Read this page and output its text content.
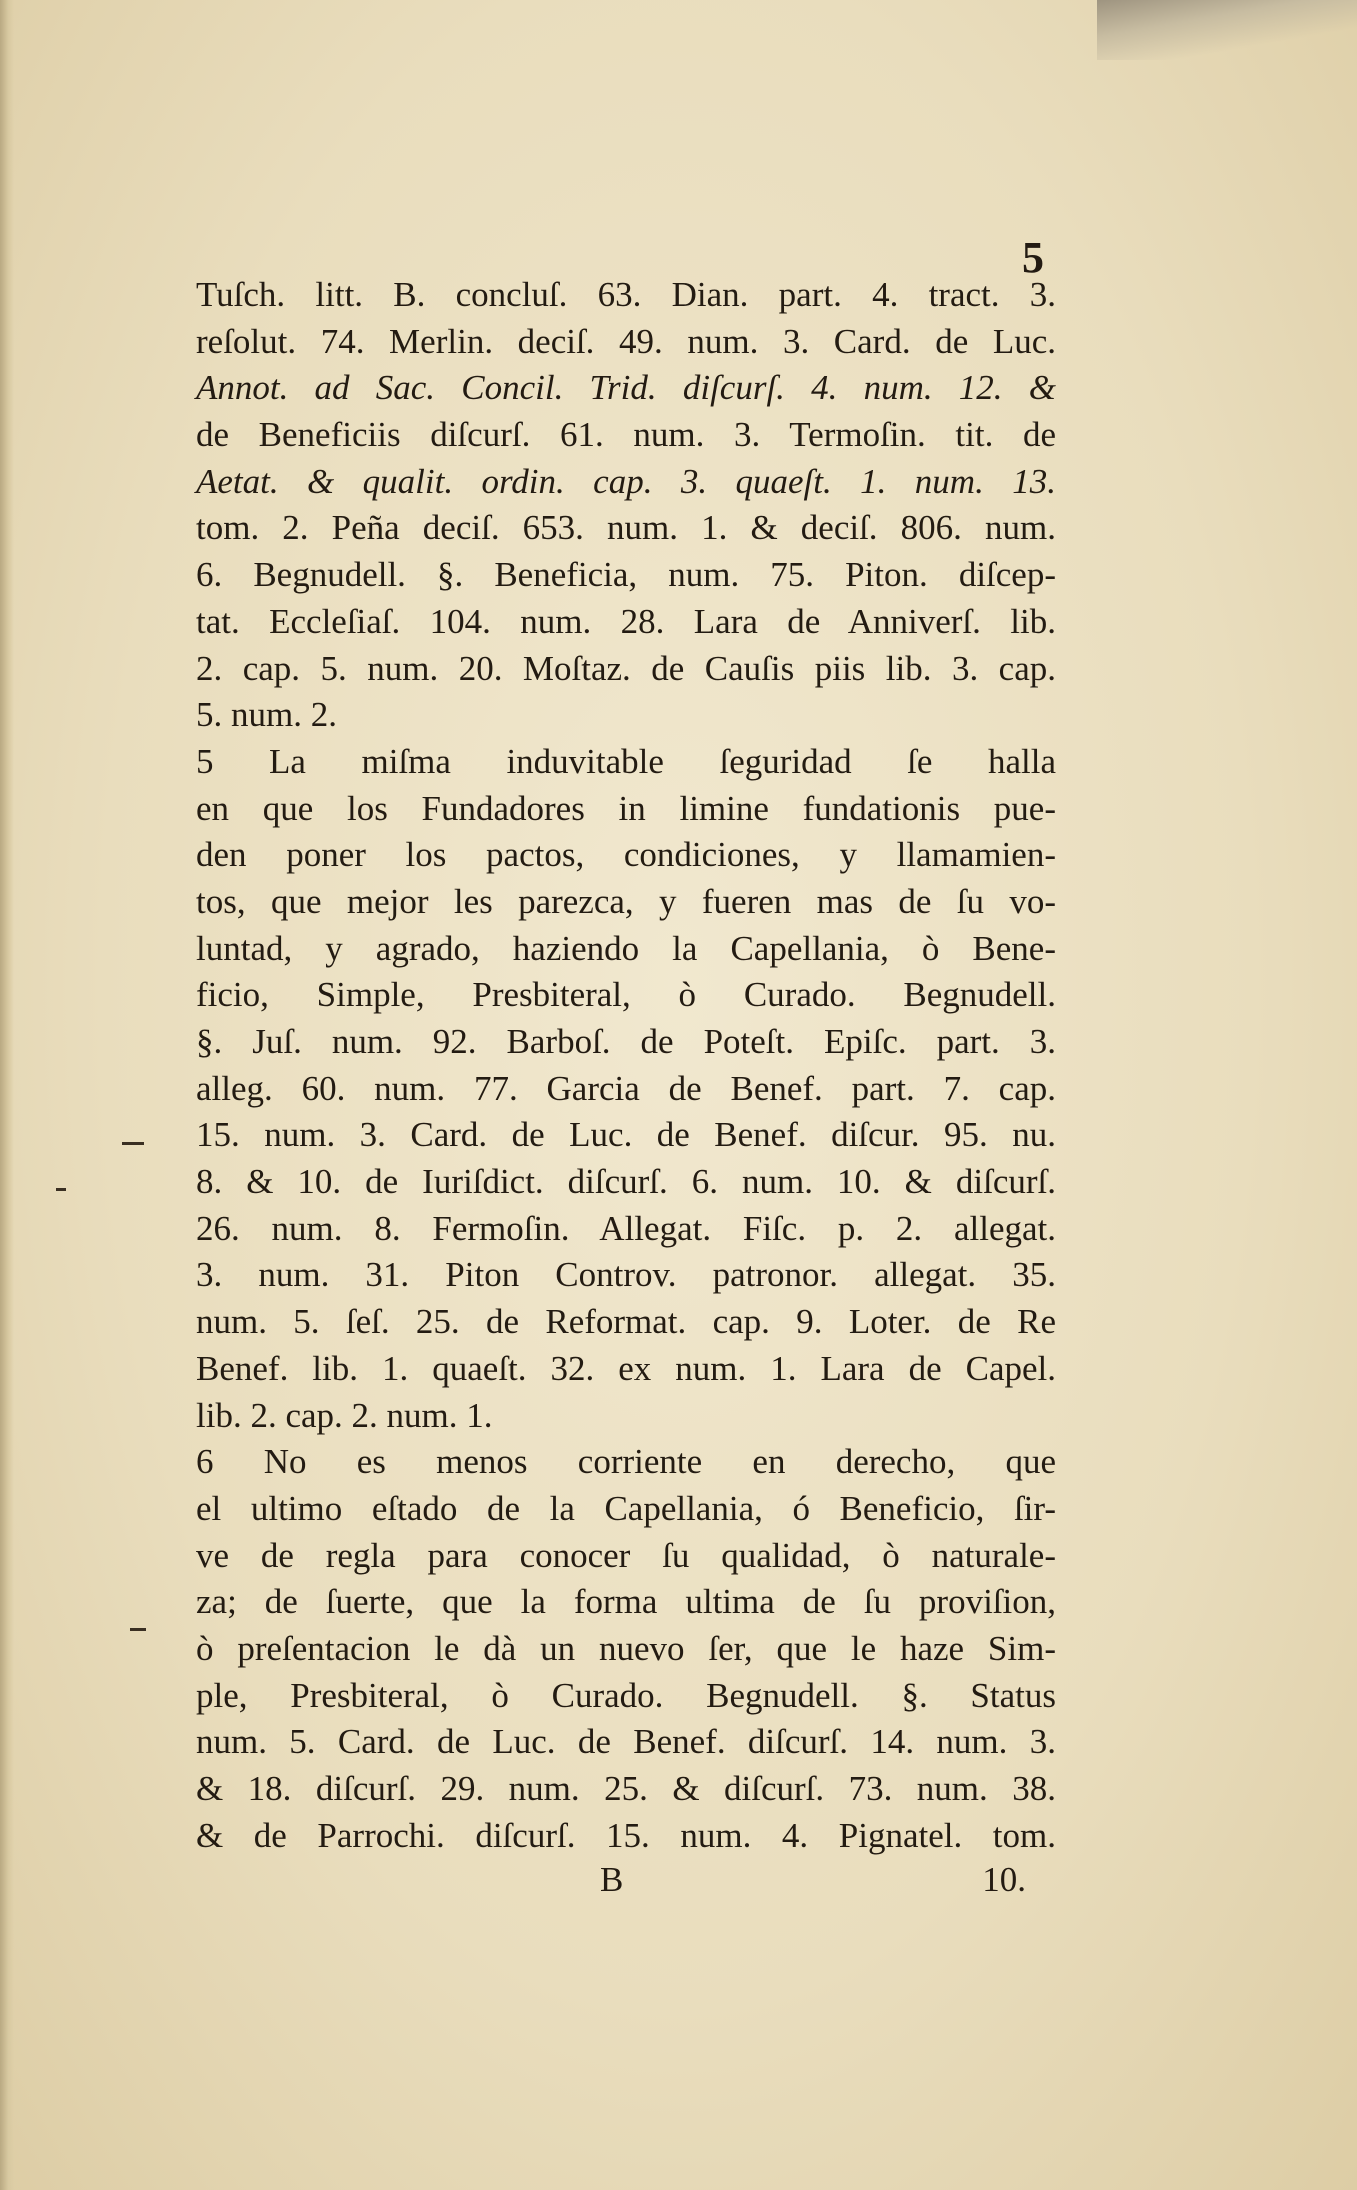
5
Tuſch. litt. B. concluſ. 63. Dian. part. 4. tract. 3.
reſolut. 74. Merlin. deciſ. 49. num. 3. Card. de Luc.
Annot. ad Sac. Concil. Trid. diſcurſ. 4. num. 12. &
de Beneficiis diſcurſ. 61. num. 3. Termoſin. tit. de
Aetat. & qualit. ordin. cap. 3. quaeſt. 1. num. 13.
tom. 2. Peña deciſ. 653. num. 1. & deciſ. 806. num.
6. Begnudell. §. Beneficia, num. 75. Piton. diſcep-
tat. Eccleſiaſ. 104. num. 28. Lara de Anniverſ. lib.
2. cap. 5. num. 20. Moſtaz. de Cauſis piis lib. 3. cap.
5. num. 2.
5 La miſma induvitable ſeguridad ſe halla
en que los Fundadores in limine fundationis pue-
den poner los pactos, condiciones, y llamamien-
tos, que mejor les parezca, y fueren mas de ſu vo-
luntad, y agrado, haziendo la Capellania, ò Bene-
ficio, Simple, Presbiteral, ò Curado. Begnudell.
§. Juſ. num. 92. Barboſ. de Poteſt. Epiſc. part. 3.
alleg. 60. num. 77. Garcia de Benef. part. 7. cap.
15. num. 3. Card. de Luc. de Benef. diſcur. 95. nu.
8. & 10. de Iuriſdict. diſcurſ. 6. num. 10. & diſcurſ.
26. num. 8. Fermoſin. Allegat. Fiſc. p. 2. allegat.
3. num. 31. Piton Controv. patronor. allegat. 35.
num. 5. ſeſ. 25. de Reformat. cap. 9. Loter. de Re
Benef. lib. 1. quaeſt. 32. ex num. 1. Lara de Capel.
lib. 2. cap. 2. num. 1.
6 No es menos corriente en derecho, que
el ultimo eſtado de la Capellania, ó Beneficio, ſir-
ve de regla para conocer ſu qualidad, ò naturale-
za; de ſuerte, que la forma ultima de ſu proviſion,
ò preſentacion le dà un nuevo ſer, que le haze Sim-
ple, Presbiteral, ò Curado. Begnudell. §. Status
num. 5. Card. de Luc. de Benef. diſcurſ. 14. num. 3.
& 18. diſcurſ. 29. num. 25. & diſcurſ. 73. num. 38.
& de Parrochi. diſcurſ. 15. num. 4. Pignatel. tom.
B	10.
